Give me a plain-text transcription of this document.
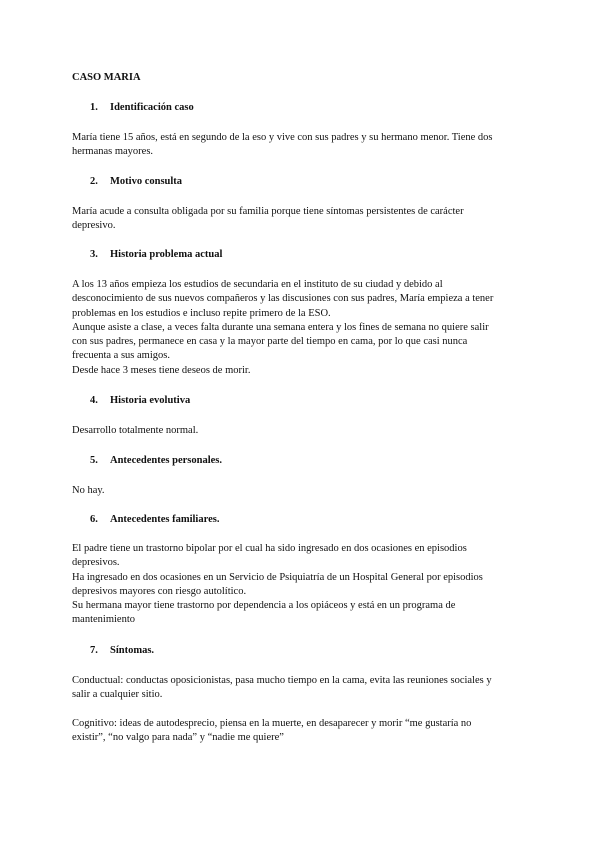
CASO MARIA
1. Identificación caso
María tiene 15 años, está en segundo de la eso y vive con sus padres y su hermano menor. Tiene dos
hermanas mayores.
2. Motivo consulta
María acude a consulta obligada por su familia porque tiene síntomas persistentes de carácter
depresivo.
3. Historia problema actual
A los 13 años empieza los estudios de secundaria en el instituto de su ciudad y debido al
desconocimiento de sus nuevos compañeros y las discusiones con sus padres, María empieza a tener
problemas en los estudios e incluso repite primero de la ESO.
Aunque asiste a clase, a veces falta durante una semana entera y los fines de semana no quiere salir
con sus padres, permanece en casa y la mayor parte del tiempo en cama, por lo que casi nunca
frecuenta a sus amigos.
Desde hace 3 meses tiene deseos de morir.
4. Historia evolutiva
Desarrollo totalmente normal.
5. Antecedentes personales.
No hay.
6. Antecedentes familiares.
El padre tiene un trastorno bipolar por el cual ha sido ingresado en dos ocasiones en episodios
depresivos.
Ha ingresado en dos ocasiones en un Servicio de Psiquiatría de un Hospital General por episodios
depresivos mayores con riesgo autolítico.
Su hermana mayor tiene trastorno por dependencia a los opiáceos y está en un programa de
mantenimiento
7. Síntomas.
Conductual: conductas oposicionistas, pasa mucho tiempo en la cama, evita las reuniones sociales y
salir a cualquier sitio.
Cognitivo: ideas de autodesprecio, piensa en la muerte, en desaparecer y morir “me gustaría no
existir”, “no valgo para nada” y “nadie me quiere”
